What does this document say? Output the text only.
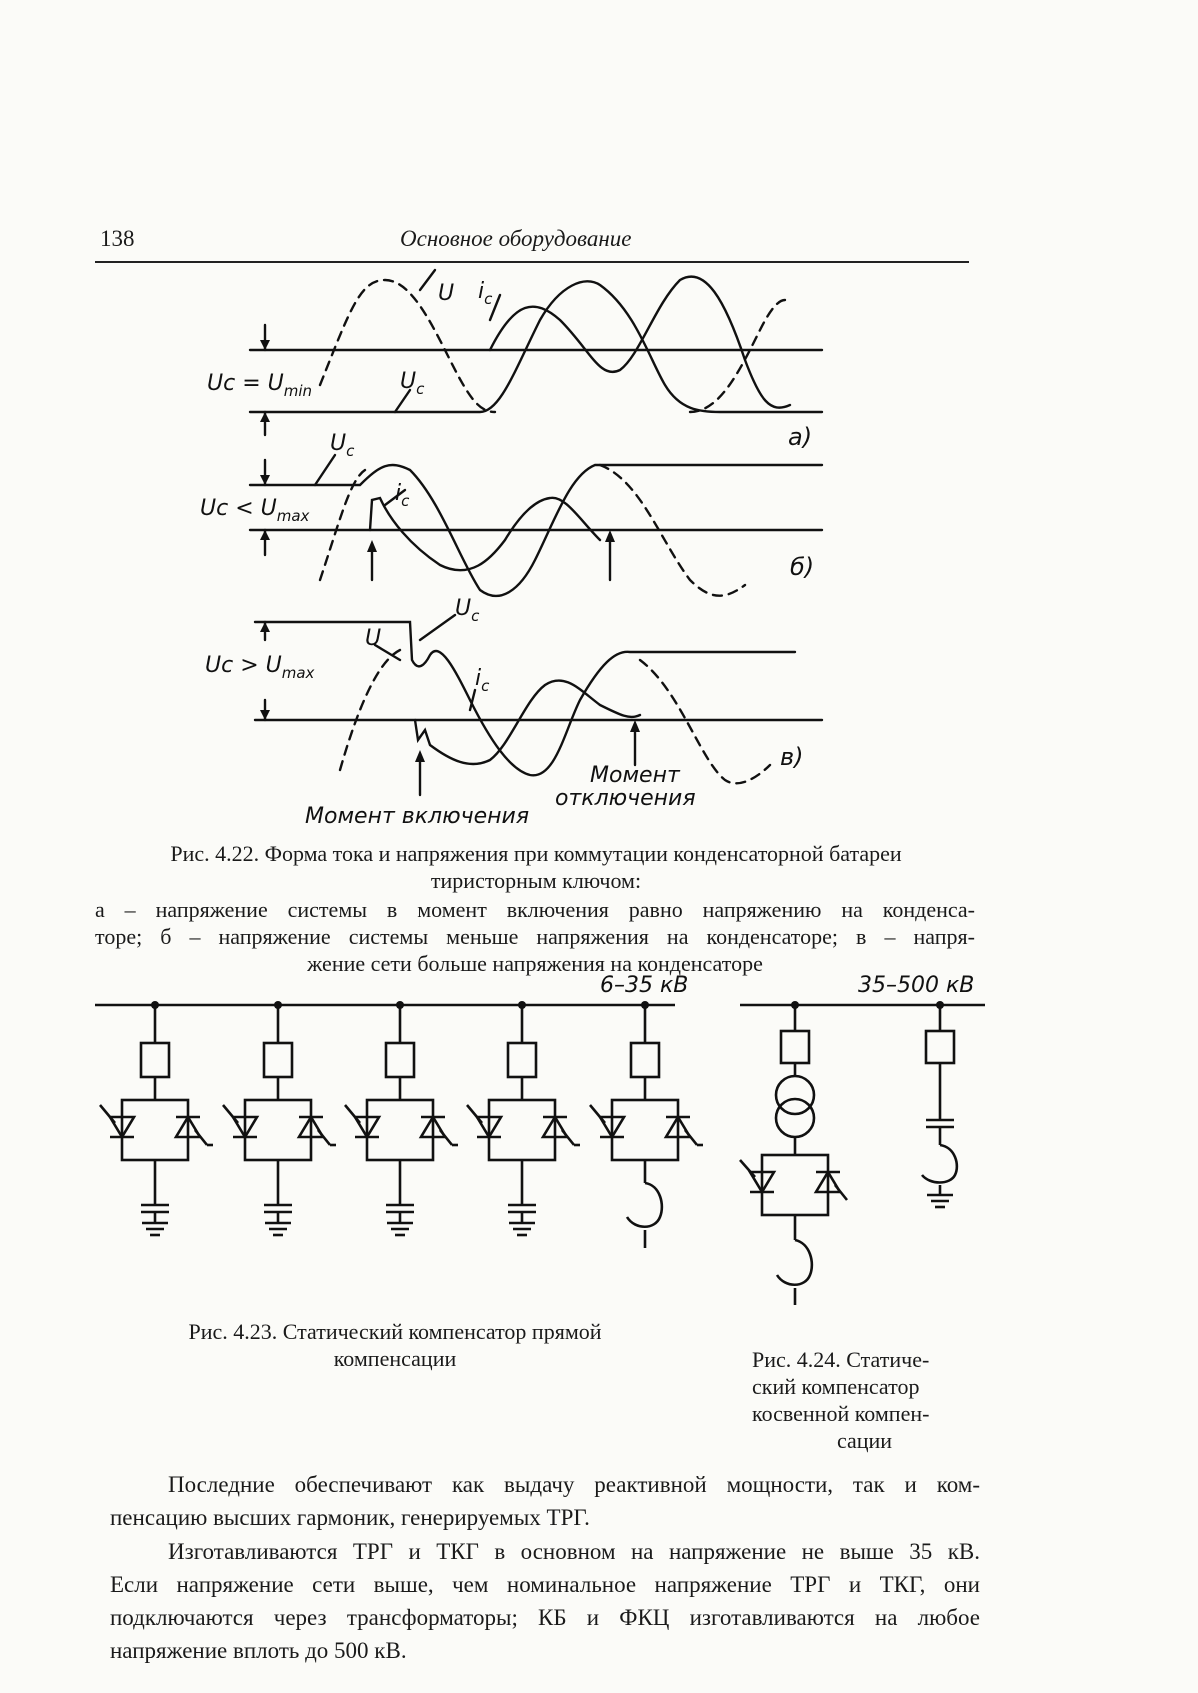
138	Основное оборудование
U $i_c$
$U_c$
$Uc = U_{min}$
а)
$U_c$
$i_c$
$Uc < U_{max}$
б)
$U_c$
U
$i_c$
$Uc > U_{max}$
в)
Момент
отключения
Момент включения
Рис. 4.22. Форма тока и напряжения при коммутации конденсаторной батареи
тиристорным ключом:
а – напряжение системы в момент включения равно напряжению на конденса-
торе; б – напряжение системы меньше напряжения на конденсаторе; в – напря-
жение сети больше напряжения на конденсаторе
6–35 кВ	35–500 кВ
Рис. 4.23. Статический компенсатор прямой
компенсации	Рис. 4.24. Статиче-
ский компенсатор
косвенной компен-
сации
Последние обеспечивают как выдачу реактивной мощности, так и ком-
пенсацию высших гармоник, генерируемых ТРГ.
Изготавливаются ТРГ и ТКГ в основном на напряжение не выше 35 кВ.
Если напряжение сети выше, чем номинальное напряжение ТРГ и ТКГ, они
подключаются через трансформаторы; КБ и ФКЦ изготавливаются на любое
напряжение вплоть до 500 кВ.
